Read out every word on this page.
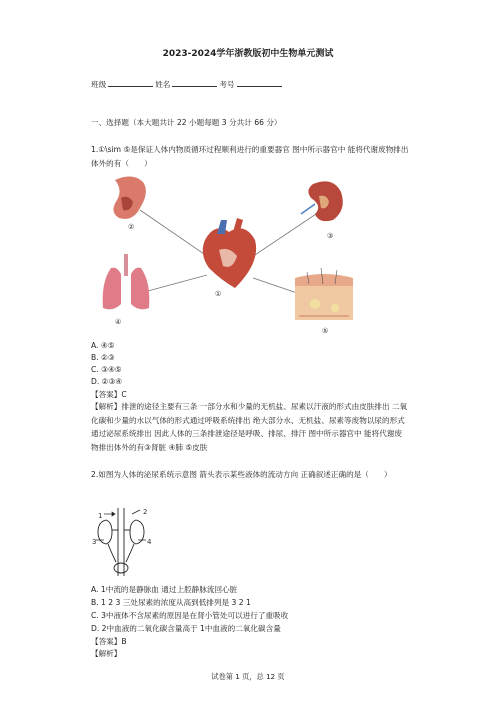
2023-2024学年浙教版初中生物单元测试
班级	姓名	考号
一、选择题（本大题共计 22 小题每题 3 分共计 66 分）
1.①\sim ⑤是保证人体内物质循环过程顺利进行的重要器官 图中所示器官中 能将代谢废物排出体外的有（　　）
②
③
①
④
⑤
A. ④⑤
B. ②③
C. ③④⑤
D. ②③④
【答案】C
【解析】排泄的途径主要有三条 一部分水和少量的无机盐、尿素以汗液的形式由皮肤排出 二氧化碳和少量的水以气体的形式通过呼吸系统排出 绝大部分水、无机盐、尿素等废物以尿的形式通过泌尿系统排出 因此人体的三条排泄途径是呼吸、排尿、排汗 图中所示器官中 能将代谢废物排出体外的有③肾脏 ④肺 ⑤皮肤
2.如图为人体的泌尿系统示意图 箭头表示某些液体的流动方向 正确叙述正确的是（　　）
1	2
3	4
A. 1中流的是静脉血 通过上腔静脉流回心脏
B. 1 2 3 三处尿素的浓度从高到低排列是 3 2 1
C. 3中液体不含尿素的原因是在肾小管处可以进行了重吸收
D. 2中血液的二氧化碳含量高于 1中血液的二氧化碳含量
【答案】B
【解析】
试卷第 1 页，总 12 页
